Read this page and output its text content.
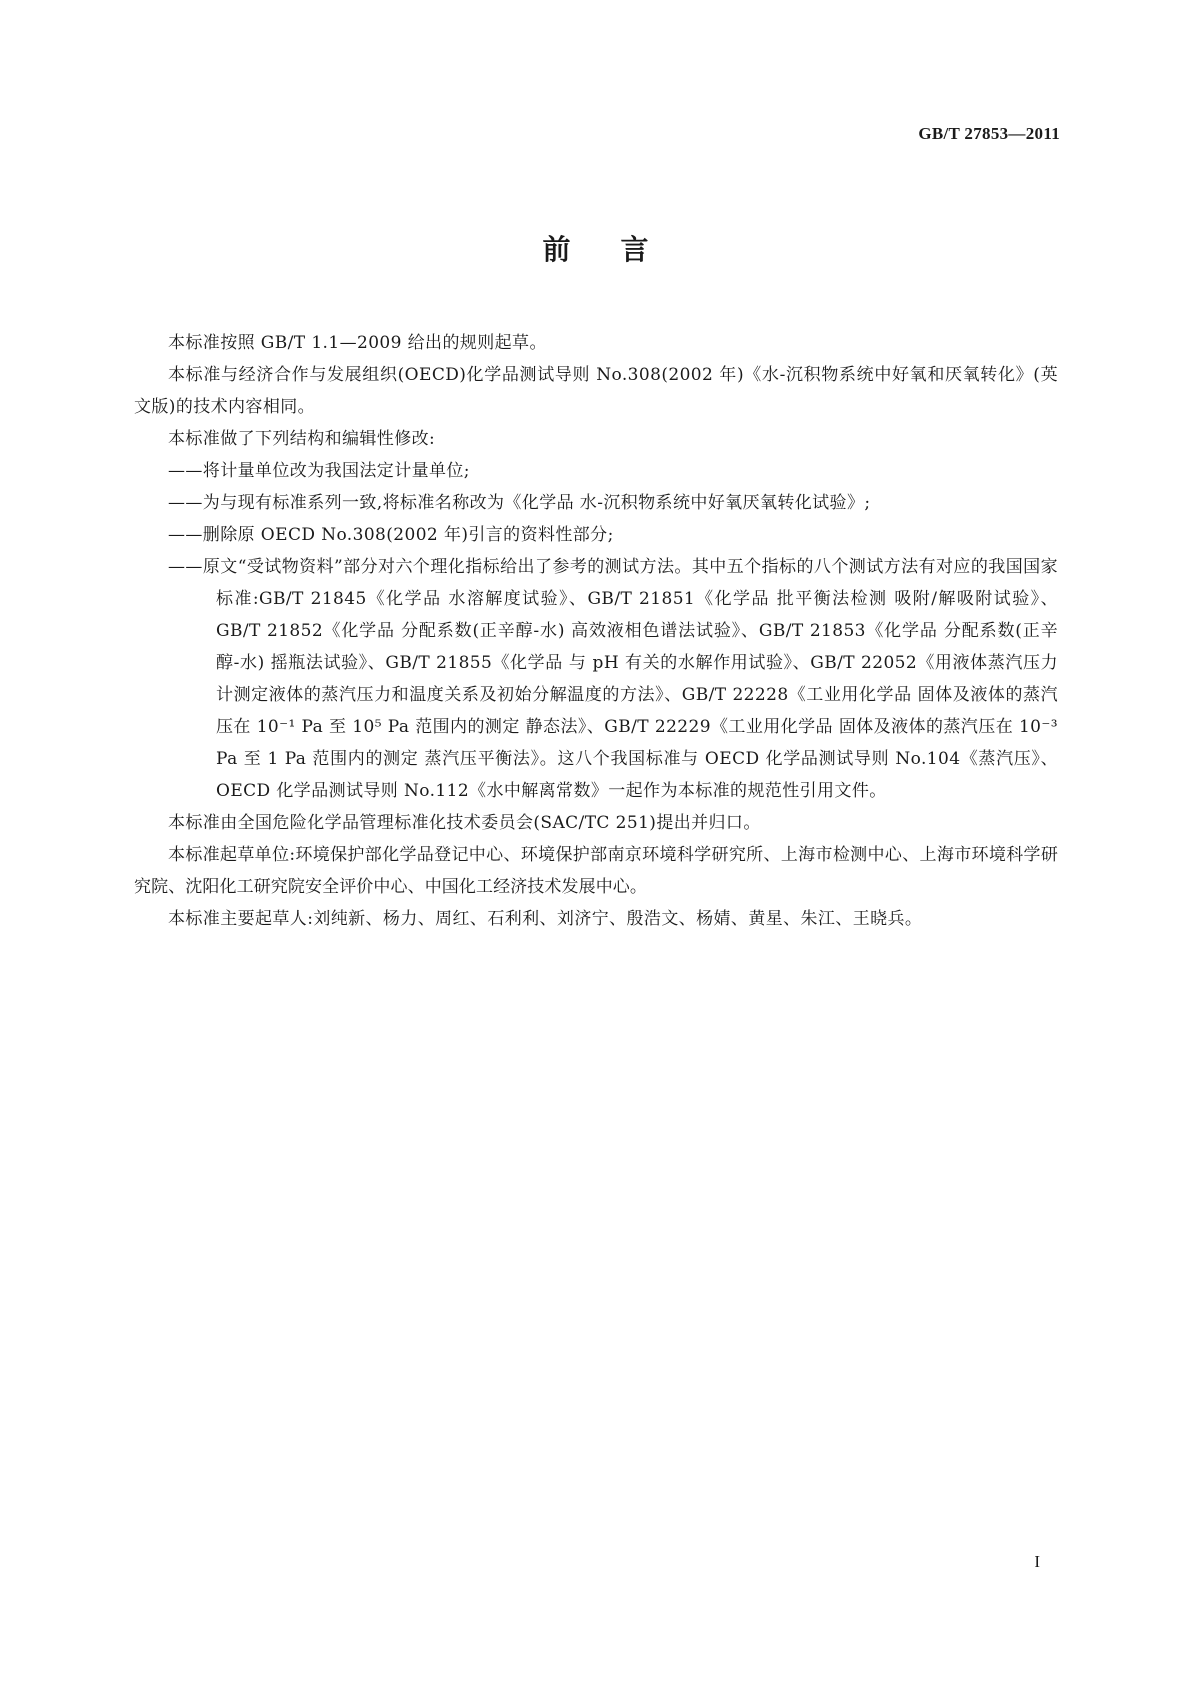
GB/T 27853—2011
前言

本标准按照 GB/T 1.1—2009 给出的规则起草。

本标准与经济合作与发展组织(OECD)化学品测试导则 No.308(2002 年)《水-沉积物系统中好氧和厌氧转化》(英文版)的技术内容相同。

本标准做了下列结构和编辑性修改:

——将计量单位改为我国法定计量单位;

——为与现有标准系列一致,将标准名称改为《化学品 水-沉积物系统中好氧厌氧转化试验》;

——删除原 OECD No.308(2002 年)引言的资料性部分;

——原文“受试物资料”部分对六个理化指标给出了参考的测试方法。其中五个指标的八个测试方法有对应的我国国家标准:GB/T 21845《化学品 水溶解度试验》、GB/T 21851《化学品 批平衡法检测 吸附/解吸附试验》、GB/T 21852《化学品 分配系数(正辛醇-水) 高效液相色谱法试验》、GB/T 21853《化学品 分配系数(正辛醇-水) 摇瓶法试验》、GB/T 21855《化学品 与 pH 有关的水解作用试验》、GB/T 22052《用液体蒸汽压力计测定液体的蒸汽压力和温度关系及初始分解温度的方法》、GB/T 22228《工业用化学品 固体及液体的蒸汽压在 10⁻¹ Pa 至 10⁵ Pa 范围内的测定 静态法》、GB/T 22229《工业用化学品 固体及液体的蒸汽压在 10⁻³ Pa 至 1 Pa 范围内的测定 蒸汽压平衡法》。这八个我国标准与 OECD 化学品测试导则 No.104《蒸汽压》、OECD 化学品测试导则 No.112《水中解离常数》一起作为本标准的规范性引用文件。

本标准由全国危险化学品管理标准化技术委员会(SAC/TC 251)提出并归口。

本标准起草单位:环境保护部化学品登记中心、环境保护部南京环境科学研究所、上海市检测中心、上海市环境科学研究院、沈阳化工研究院安全评价中心、中国化工经济技术发展中心。

本标准主要起草人:刘纯新、杨力、周红、石利利、刘济宁、殷浩文、杨婧、黄星、朱江、王晓兵。

I
